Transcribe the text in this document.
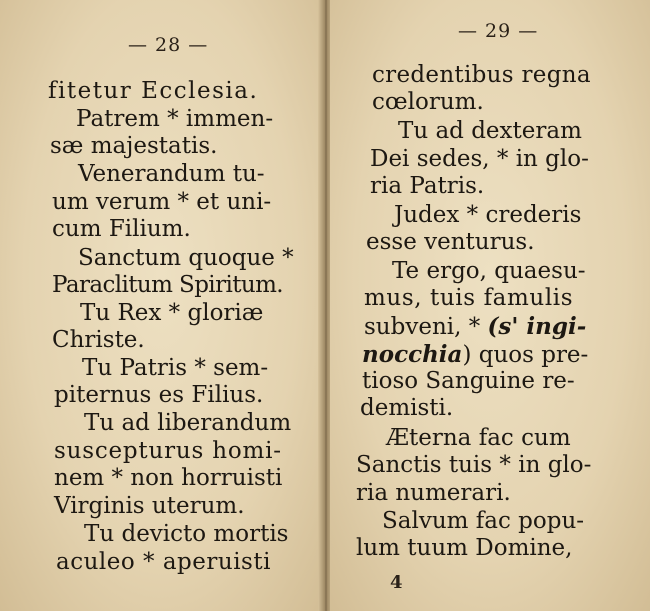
— 28 —
fitetur Ecclesia.
Patrem * immen-
sæ majestatis.
Venerandum tu-
um verum * et uni-
cum Filium.
Sanctum quoque *
Paraclitum Spiritum.
Tu Rex * gloriæ
Christe.
Tu Patris * sem-
piternus es Filius.
Tu ad liberandum
suscepturus homi-
nem * non horruisti
Virginis uterum.
Tu devicto mortis
aculeo * aperuisti
— 29 —
credentibus regna
cœlorum.
Tu ad dexteram
Dei sedes, * in glo-
ria Patris.
Judex * crederis
esse venturus.
Te ergo, quaesu-
mus, tuis famulis
subveni, * (s' ingi-
nocchia) quos pre-
tioso Sanguine re-
demisti.
Æterna fac cum
Sanctis tuis * in glo-
ria numerari.
Salvum fac popu-
lum tuum Domine,
4
